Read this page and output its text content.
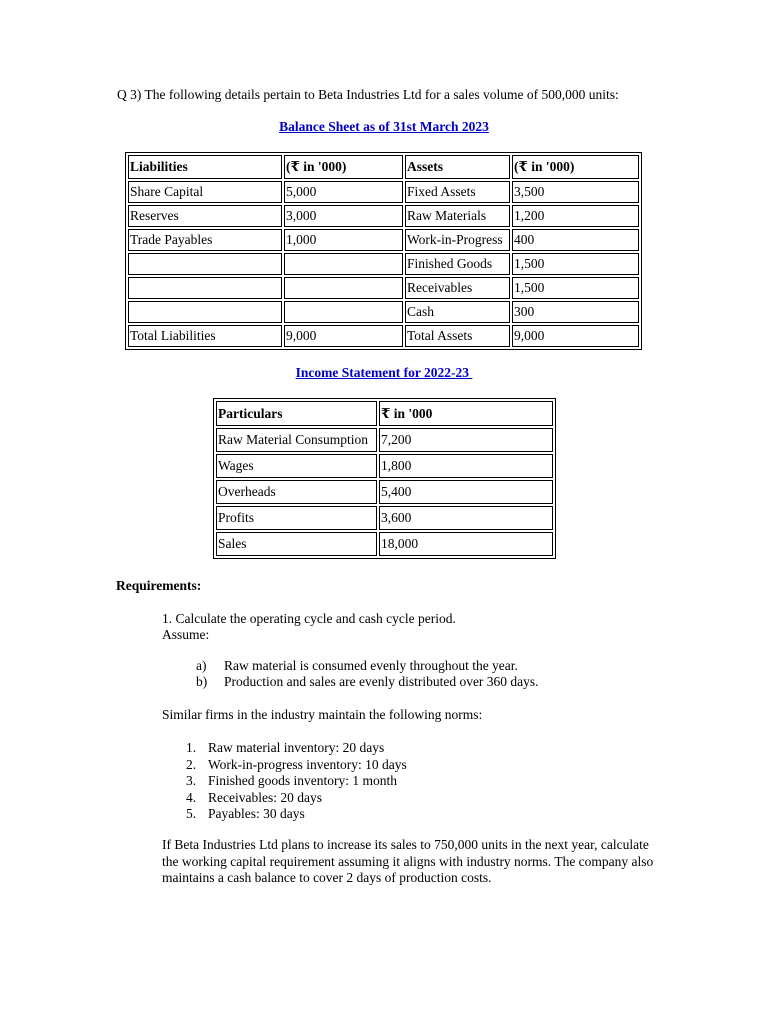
Q 3) The following details pertain to Beta Industries Ltd for a sales volume of 500,000 units:
Balance Sheet as of 31st March 2023
Liabilities	(₹ in '000)	Assets	(₹ in '000)
Share Capital	5,000	Fixed Assets	3,500
Reserves	3,000	Raw Materials	1,200
Trade Payables	1,000	Work-in-Progress	400
		Finished Goods	1,500
		Receivables	1,500
		Cash	300
Total Liabilities	9,000	Total Assets	9,000
Income Statement for 2022-23
Particulars	₹ in '000
Raw Material Consumption	7,200
Wages	1,800
Overheads	5,400
Profits	3,600
Sales	18,000
Requirements:
1. Calculate the operating cycle and cash cycle period.
Assume:
a) Raw material is consumed evenly throughout the year.
b) Production and sales are evenly distributed over 360 days.
Similar firms in the industry maintain the following norms:
1. Raw material inventory: 20 days
2. Work-in-progress inventory: 10 days
3. Finished goods inventory: 1 month
4. Receivables: 20 days
5. Payables: 30 days
If Beta Industries Ltd plans to increase its sales to 750,000 units in the next year, calculate the working capital requirement assuming it aligns with industry norms. The company also maintains a cash balance to cover 2 days of production costs.
